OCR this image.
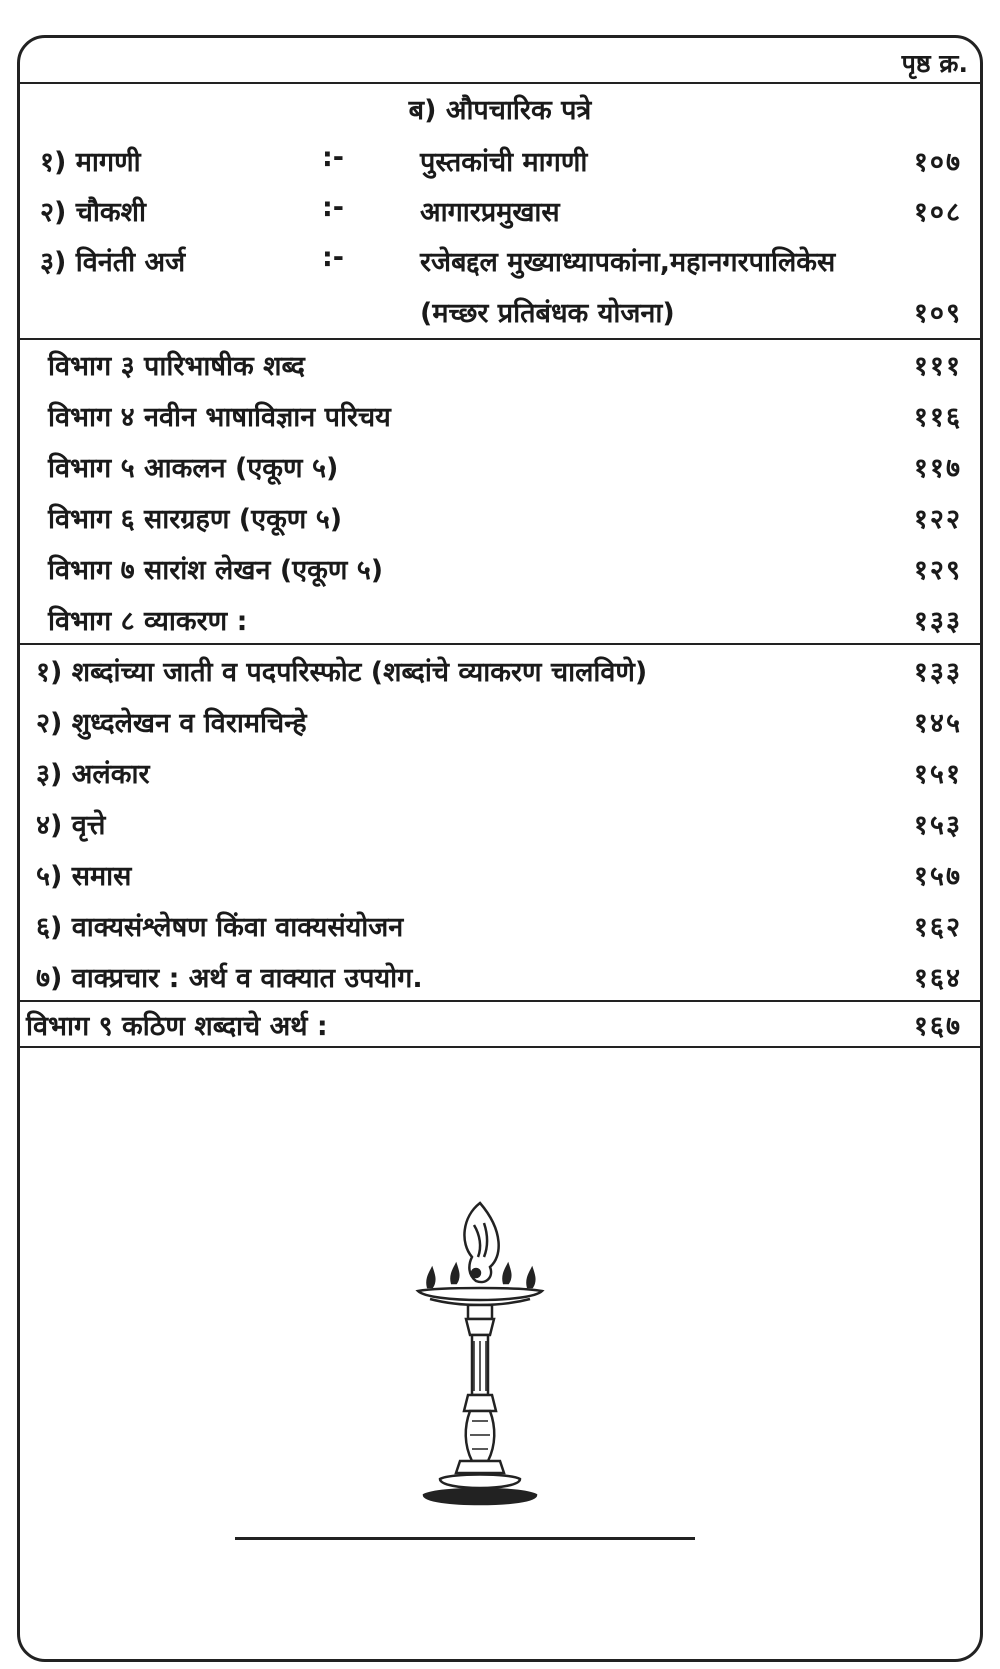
पृष्ठ क्र.
ब) औपचारिक पत्रे
१) मागणी	:-	पुस्तकांची मागणी	१०७
२) चौकशी	:-	आगारप्रमुखास	१०८
३) विनंती अर्ज	:-	रजेबद्दल मुख्याध्यापकांना,महानगरपालिकेस
(मच्छर प्रतिबंधक योजना)	१०९
विभाग ३ पारिभाषीक शब्द	१११
विभाग ४ नवीन भाषाविज्ञान परिचय	११६
विभाग ५ आकलन (एकूण ५)	११७
विभाग ६ सारग्रहण (एकूण ५)	१२२
विभाग ७ सारांश लेखन (एकूण ५)	१२९
विभाग ८ व्याकरण :	१३३
१) शब्दांच्या जाती व पदपरिस्फोट (शब्दांचे व्याकरण चालविणे)	१३३
२) शुध्दलेखन व विरामचिन्हे	१४५
३) अलंकार	१५१
४) वृत्ते	१५३
५) समास	१५७
६) वाक्यसंश्लेषण किंवा वाक्यसंयोजन	१६२
७) वाक्प्रचार : अर्थ व वाक्यात उपयोग.	१६४
विभाग ९ कठिण शब्दाचे अर्थ :	१६७
